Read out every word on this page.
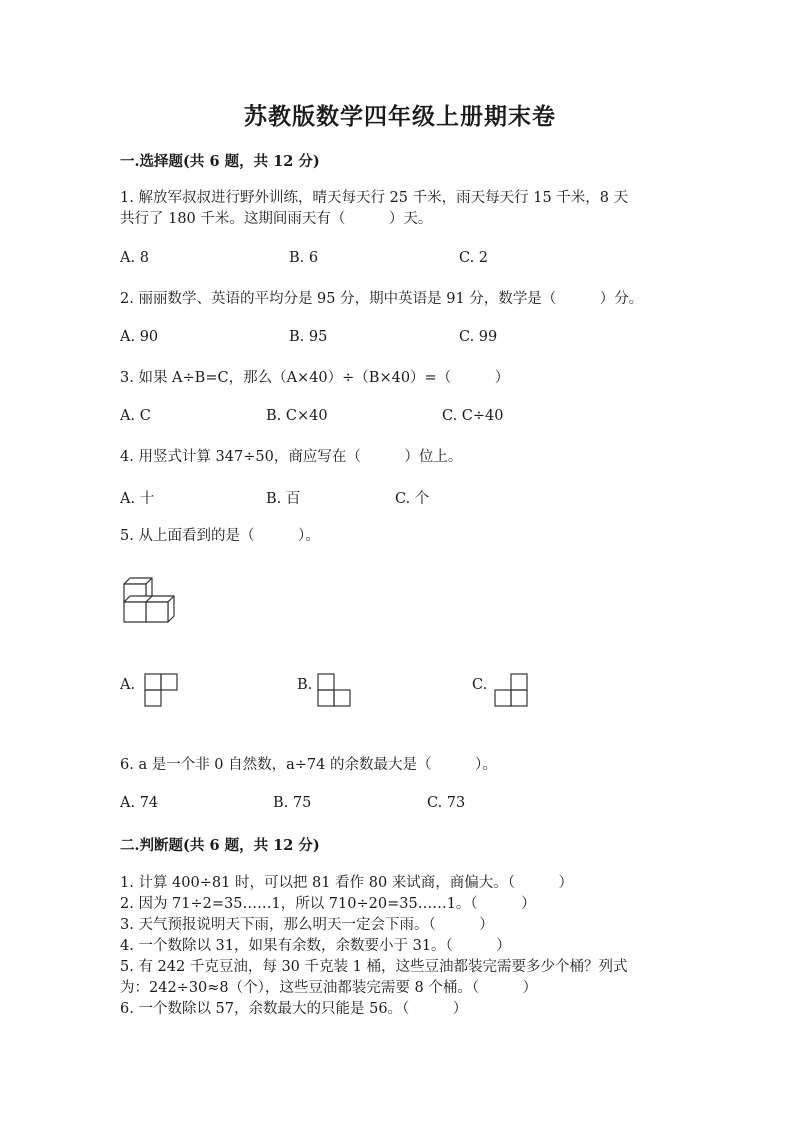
苏教版数学四年级上册期末卷
一.选择题(共 6 题，共 12 分)
1. 解放军叔叔进行野外训练，晴天每天行 25 千米，雨天每天行 15 千米，8 天
共行了 180 千米。这期间雨天有（　　　）天。
A. 8	B. 6	C. 2
2. 丽丽数学、英语的平均分是 95 分，期中英语是 91 分，数学是（　　　）分。
A. 90	B. 95	C. 99
3. 如果 A÷B=C，那么（A×40）÷（B×40）=（　　　）
A. C	B. C×40	C. C÷40
4. 用竖式计算 347÷50，商应写在（　　　）位上。
A. 十	B. 百	C. 个
5. 从上面看到的是（　　　）。
A.	B.	C.
6. a 是一个非 0 自然数，a÷74 的余数最大是（　　　）。
A. 74	B. 75	C. 73
二.判断题(共 6 题，共 12 分)
1. 计算 400÷81 时，可以把 81 看作 80 来试商，商偏大。（　　　）
2. 因为 71÷2=35……1，所以 710÷20=35……1。（　　　）
3. 天气预报说明天下雨，那么明天一定会下雨。（　　　）
4. 一个数除以 31，如果有余数，余数要小于 31。（　　　）
5. 有 242 千克豆油，每 30 千克装 1 桶，这些豆油都装完需要多少个桶？列式
为：242÷30≈8（个），这些豆油都装完需要 8 个桶。（　　　）
6. 一个数除以 57，余数最大的只能是 56。（　　　）
